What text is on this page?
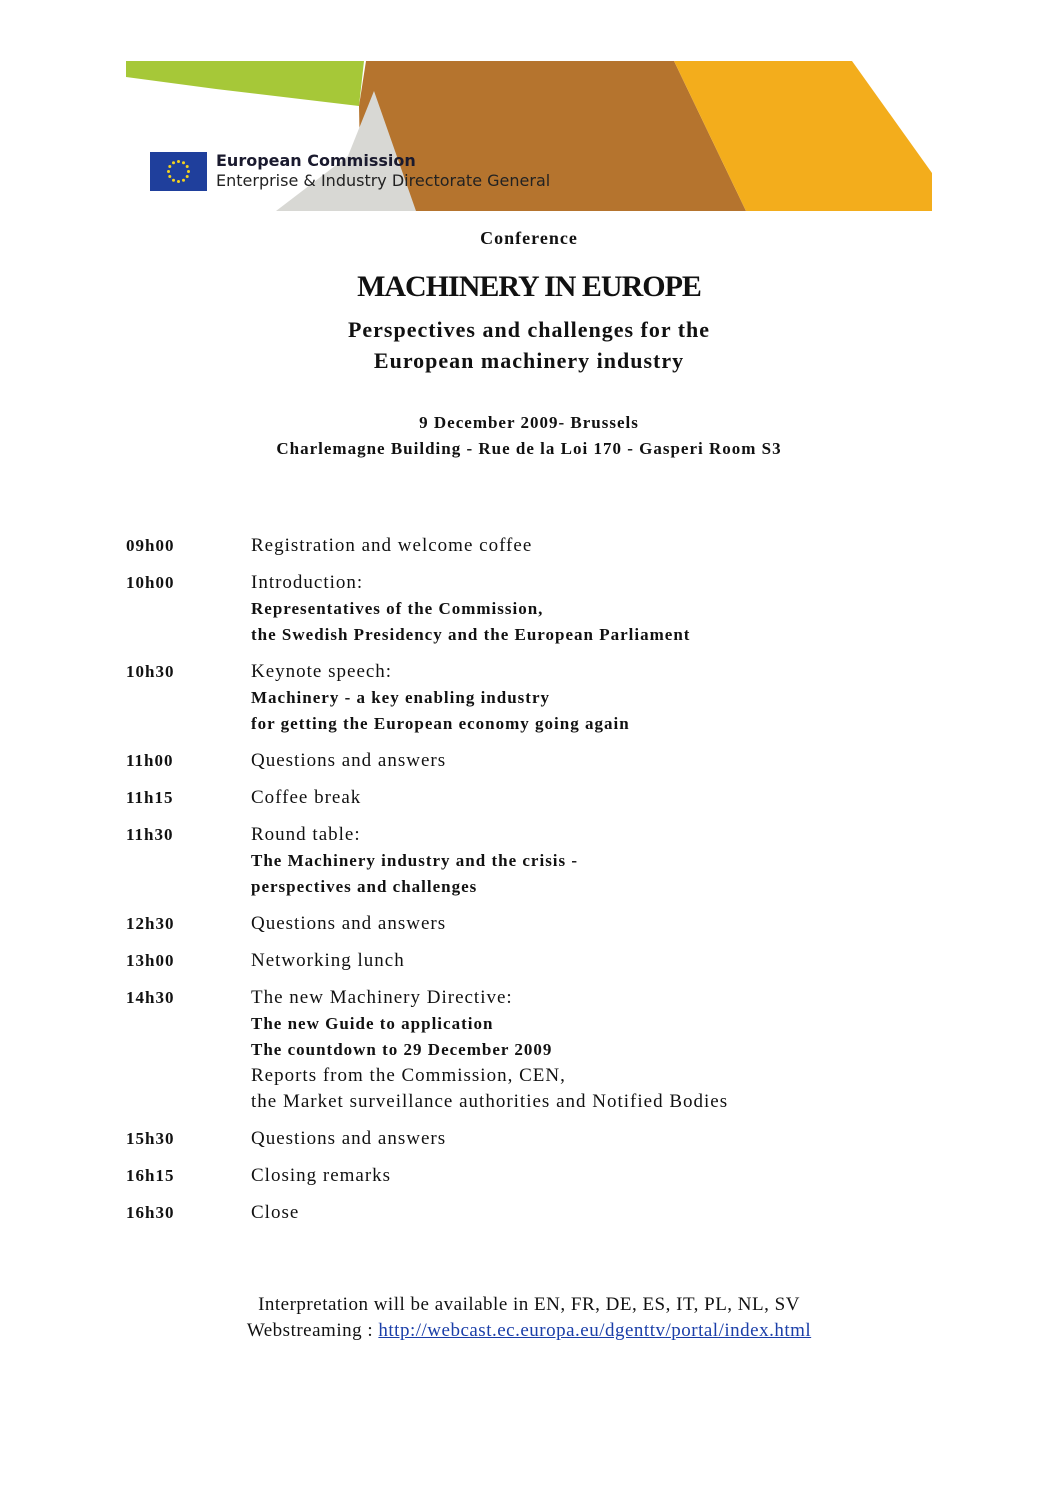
European Commission
Enterprise & Industry Directorate General
Conference
MACHINERY IN EUROPE
Perspectives and challenges for the
European machinery industry
9 December 2009- Brussels
Charlemagne Building - Rue de la Loi 170 - Gasperi Room S3
09h00	Registration and welcome coffee
10h00	Introduction:
Representatives of the Commission,
the Swedish Presidency and the European Parliament
10h30	Keynote speech:
Machinery - a key enabling industry
for getting the European economy going again
11h00	Questions and answers
11h15	Coffee break
11h30	Round table:
The Machinery industry and the crisis -
perspectives and challenges
12h30	Questions and answers
13h00	Networking lunch
14h30	The new Machinery Directive:
The new Guide to application
The countdown to 29 December 2009
Reports from the Commission, CEN,
the Market surveillance authorities and Notified Bodies
15h30	Questions and answers
16h15	Closing remarks
16h30	Close
Interpretation will be available in EN, FR, DE, ES, IT, PL, NL, SV
Webstreaming : http://webcast.ec.europa.eu/dgenttv/portal/index.html
